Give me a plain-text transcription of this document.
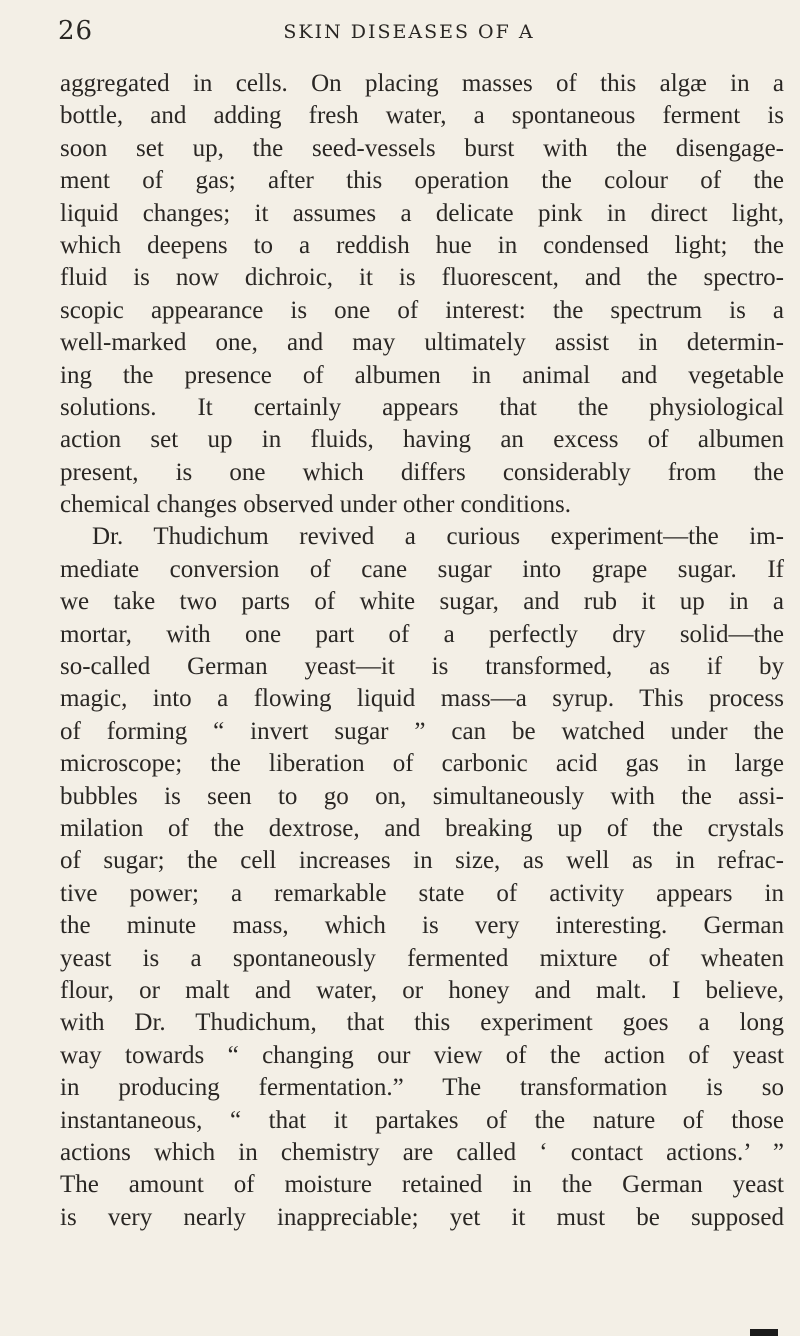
26	SKIN DISEASES OF A
aggregated in cells. On placing masses of this algæ in a
bottle, and adding fresh water, a spontaneous ferment is
soon set up, the seed-vessels burst with the disengage-
ment of gas; after this operation the colour of the
liquid changes; it assumes a delicate pink in direct light,
which deepens to a reddish hue in condensed light; the
fluid is now dichroic, it is fluorescent, and the spectro-
scopic appearance is one of interest: the spectrum is a
well-marked one, and may ultimately assist in determin-
ing the presence of albumen in animal and vegetable
solutions. It certainly appears that the physiological
action set up in fluids, having an excess of albumen
present, is one which differs considerably from the
chemical changes observed under other conditions.
Dr. Thudichum revived a curious experiment—the im-
mediate conversion of cane sugar into grape sugar. If
we take two parts of white sugar, and rub it up in a
mortar, with one part of a perfectly dry solid—the
so-called German yeast—it is transformed, as if by
magic, into a flowing liquid mass—a syrup. This process
of forming “ invert sugar ” can be watched under the
microscope; the liberation of carbonic acid gas in large
bubbles is seen to go on, simultaneously with the assi-
milation of the dextrose, and breaking up of the crystals
of sugar; the cell increases in size, as well as in refrac-
tive power; a remarkable state of activity appears in
the minute mass, which is very interesting. German
yeast is a spontaneously fermented mixture of wheaten
flour, or malt and water, or honey and malt. I believe,
with Dr. Thudichum, that this experiment goes a long
way towards “ changing our view of the action of yeast
in producing fermentation.” The transformation is so
instantaneous, “ that it partakes of the nature of those
actions which in chemistry are called ‘ contact actions.’ ”
The amount of moisture retained in the German yeast
is very nearly inappreciable; yet it must be supposed
